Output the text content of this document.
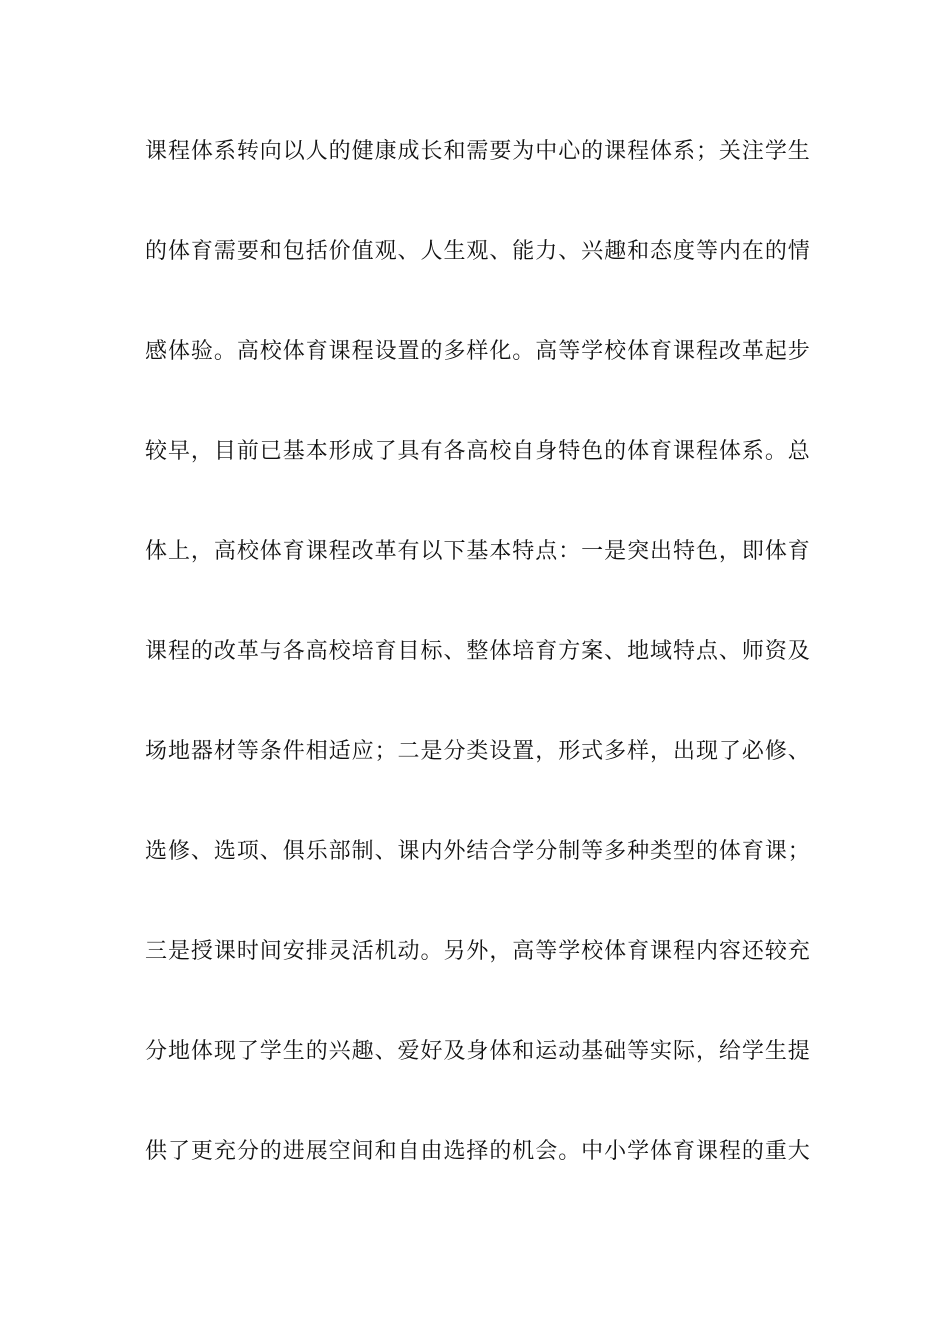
课程体系转向以人的健康成长和需要为中心的课程体系；关注学生
的体育需要和包括价值观、人生观、能力、兴趣和态度等内在的情
感体验。高校体育课程设置的多样化。高等学校体育课程改革起步
较早，目前已基本形成了具有各高校自身特色的体育课程体系。总
体上，高校体育课程改革有以下基本特点：一是突出特色，即体育
课程的改革与各高校培育目标、整体培育方案、地域特点、师资及
场地器材等条件相适应；二是分类设置，形式多样，出现了必修、
选修、选项、俱乐部制、课内外结合学分制等多种类型的体育课；
三是授课时间安排灵活机动。另外，高等学校体育课程内容还较充
分地体现了学生的兴趣、爱好及身体和运动基础等实际，给学生提
供了更充分的进展空间和自由选择的机会。中小学体育课程的重大
